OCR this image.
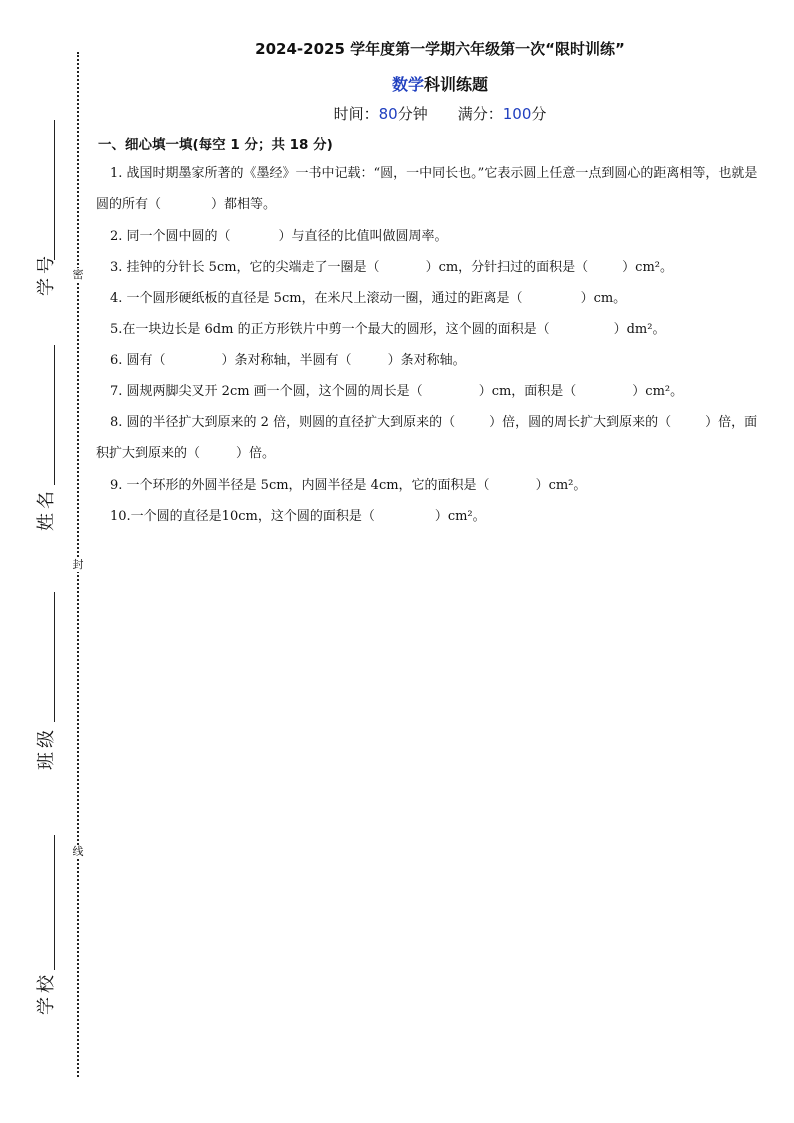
密
封
线
学号
姓名
班级
学校
2024-2025 学年度第一学期六年级第一次“限时训练”
数学科训练题
时间：80分钟 满分：100分
一、细心填一填(每空 1 分；共 18 分)
1. 战国时期墨家所著的《墨经》一书中记载：“圆，一中同长也。”它表示圆上任意一点到圆心的距离相等，也就是圆的所有（	）都相等。
2. 同一个圆中圆的（	）与直径的比值叫做圆周率。
3. 挂钟的分针长 5cm，它的尖端走了一圈是（	）cm，分针扫过的面积是（	）cm²。
4. 一个圆形硬纸板的直径是 5cm，在米尺上滚动一圈，通过的距离是（	）cm。
5.在一块边长是 6dm 的正方形铁片中剪一个最大的圆形，这个圆的面积是（	）dm²。
6. 圆有（	）条对称轴，半圆有（	）条对称轴。
7. 圆规两脚尖叉开 2cm 画一个圆，这个圆的周长是（	）cm，面积是（	）cm²。
8. 圆的半径扩大到原来的 2 倍，则圆的直径扩大到原来的（	）倍，圆的周长扩大到原来的（	）倍，面积扩大到原来的（	）倍。
9. 一个环形的外圆半径是 5cm，内圆半径是 4cm，它的面积是（	）cm²。
10.一个圆的直径是10cm，这个圆的面积是（	）cm²。
